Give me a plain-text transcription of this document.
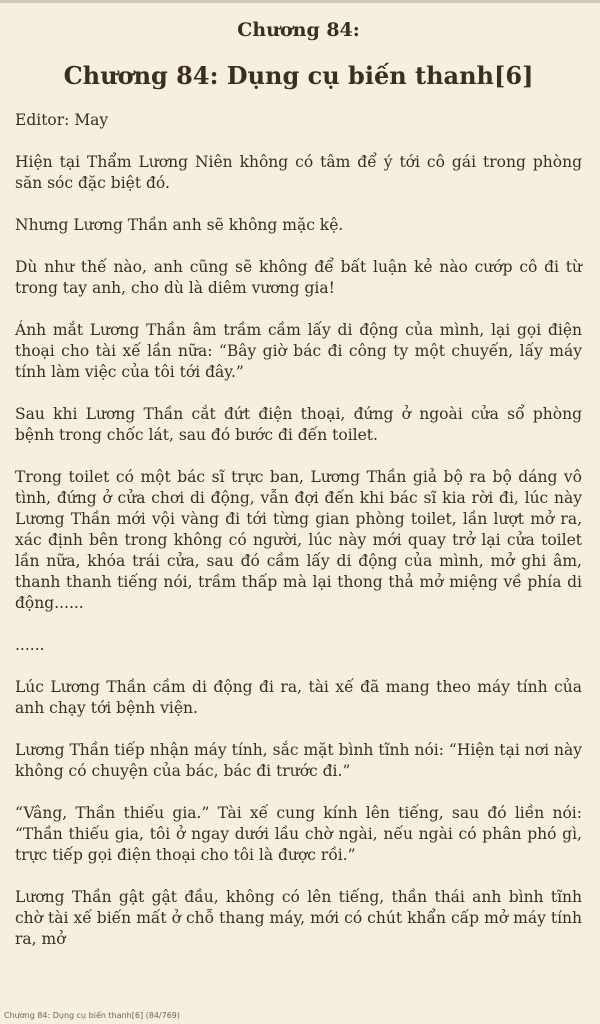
Chương 84:
Chương 84: Dụng cụ biến thanh[6]

Editor: May

Hiện tại Thẩm Lương Niên không có tâm để ý tới cô gái trong phòng săn sóc đặc biệt đó.

Nhưng Lương Thần anh sẽ không mặc kệ.

Dù như thế nào, anh cũng sẽ không để bất luận kẻ nào cướp cô đi từ trong tay anh, cho dù là diêm vương gia!

Ánh mắt Lương Thần âm trầm cầm lấy di động của mình, lại gọi điện thoại cho tài xế lần nữa: “Bây giờ bác đi công ty một chuyến, lấy máy tính làm việc của tôi tới đây.”

Sau khi Lương Thần cắt đứt điện thoại, đứng ở ngoài cửa sổ phòng bệnh trong chốc lát, sau đó bước đi đến toilet.

Trong toilet có một bác sĩ trực ban, Lương Thần giả bộ ra bộ dáng vô tình, đứng ở cửa chơi di động, vẫn đợi đến khi bác sĩ kia rời đi, lúc này Lương Thần mới vội vàng đi tới từng gian phòng toilet, lần lượt mở ra, xác định bên trong không có người, lúc này mới quay trở lại cửa toilet lần nữa, khóa trái cửa, sau đó cầm lấy di động của mình, mở ghi âm, thanh thanh tiếng nói, trầm thấp mà lại thong thả mở miệng về phía di động......

......

Lúc Lương Thần cầm di động đi ra, tài xế đã mang theo máy tính của anh chạy tới bệnh viện.

Lương Thần tiếp nhận máy tính, sắc mặt bình tĩnh nói: “Hiện tại nơi này không có chuyện của bác, bác đi trước đi.”

“Vâng, Thần thiếu gia.” Tài xế cung kính lên tiếng, sau đó liền nói: “Thần thiếu gia, tôi ở ngay dưới lầu chờ ngài, nếu ngài có phân phó gì, trực tiếp gọi điện thoại cho tôi là được rồi.”

Lương Thần gật gật đầu, không có lên tiếng, thần thái anh bình tĩnh chờ tài xế biến mất ở chỗ thang máy, mới có chút khẩn cấp mở máy tính ra, mở

Chương 84: Dụng cụ biến thanh[6] (84/769)
